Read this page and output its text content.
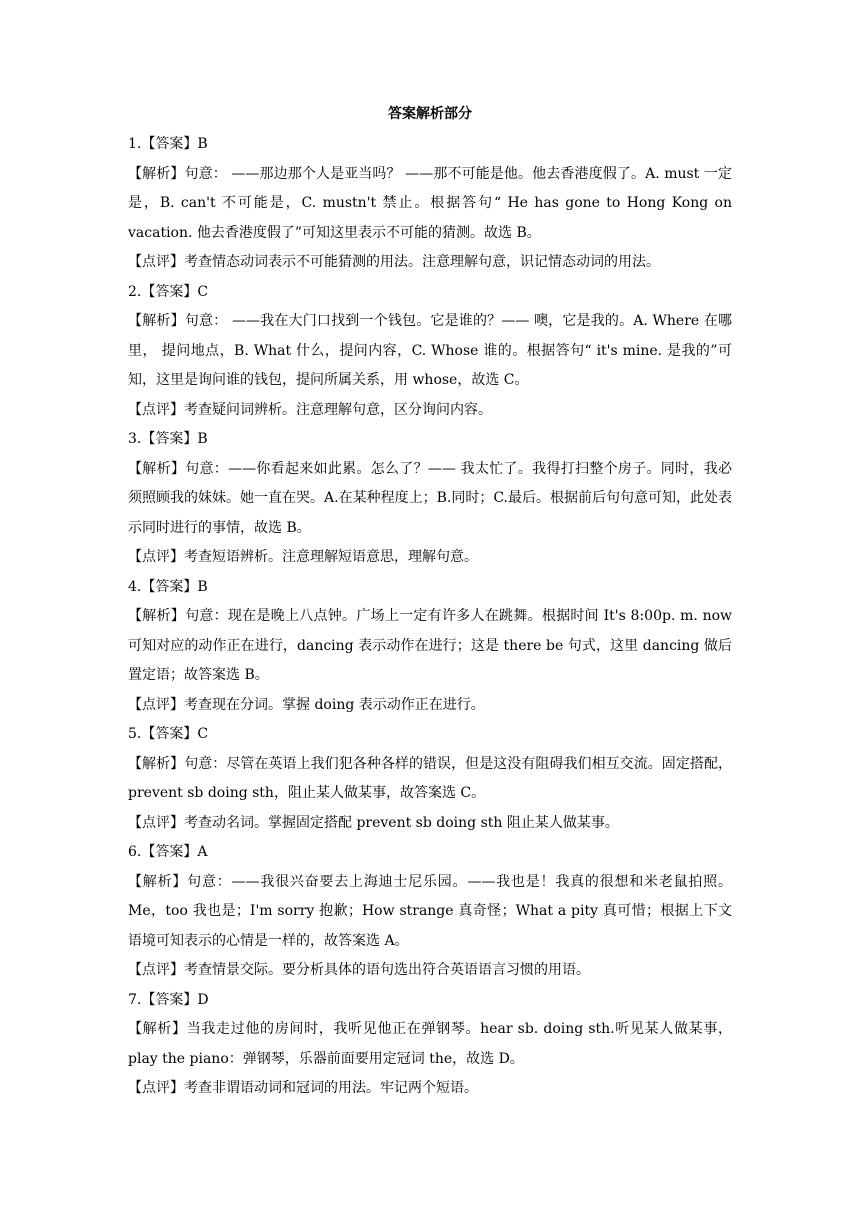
答案解析部分

1.【答案】B

【解析】句意： ——那边那个人是亚当吗？ ——那不可能是他。他去香港度假了。A. must 一定是，B. can't 不可能是，C. mustn't 禁止。根据答句“ He has gone to Hong Kong on vacation. 他去香港度假了”可知这里表示不可能的猜测。故选 B。

【点评】考查情态动词表示不可能猜测的用法。注意理解句意，识记情态动词的用法。

2.【答案】C

【解析】句意： ——我在大门口找到一个钱包。它是谁的？—— 噢，它是我的。A. Where 在哪里， 提问地点，B. What 什么，提问内容，C. Whose 谁的。根据答句“ it's mine. 是我的”可知，这里是询问谁的钱包，提问所属关系，用 whose，故选 C。

【点评】考查疑问词辨析。注意理解句意，区分询问内容。

3.【答案】B

【解析】句意：——你看起来如此累。怎么了？—— 我太忙了。我得打扫整个房子。同时，我必须照顾我的妹妹。她一直在哭。A.在某种程度上；B.同时；C.最后。根据前后句句意可知，此处表示同时进行的事情，故选 B。

【点评】考查短语辨析。注意理解短语意思，理解句意。

4.【答案】B

【解析】句意：现在是晚上八点钟。广场上一定有许多人在跳舞。根据时间 It's 8:00p. m. now 可知对应的动作正在进行，dancing 表示动作在进行；这是 there be 句式，这里 dancing 做后置定语；故答案选 B。

【点评】考查现在分词。掌握 doing 表示动作正在进行。

5.【答案】C

【解析】句意：尽管在英语上我们犯各种各样的错误，但是这没有阻碍我们相互交流。固定搭配，prevent sb doing sth，阻止某人做某事，故答案选 C。

【点评】考查动名词。掌握固定搭配 prevent sb doing sth 阻止某人做某事。

6.【答案】A

【解析】句意：——我很兴奋要去上海迪士尼乐园。——我也是！我真的很想和米老鼠拍照。Me，too 我也是；I'm sorry 抱歉；How strange 真奇怪；What a pity 真可惜；根据上下文语境可知表示的心情是一样的，故答案选 A。

【点评】考查情景交际。要分析具体的语句选出符合英语语言习惯的用语。

7.【答案】D

【解析】当我走过他的房间时，我听见他正在弹钢琴。hear sb. doing sth.听见某人做某事，play the piano：弹钢琴，乐器前面要用定冠词 the，故选 D。

【点评】考查非谓语动词和冠词的用法。牢记两个短语。
